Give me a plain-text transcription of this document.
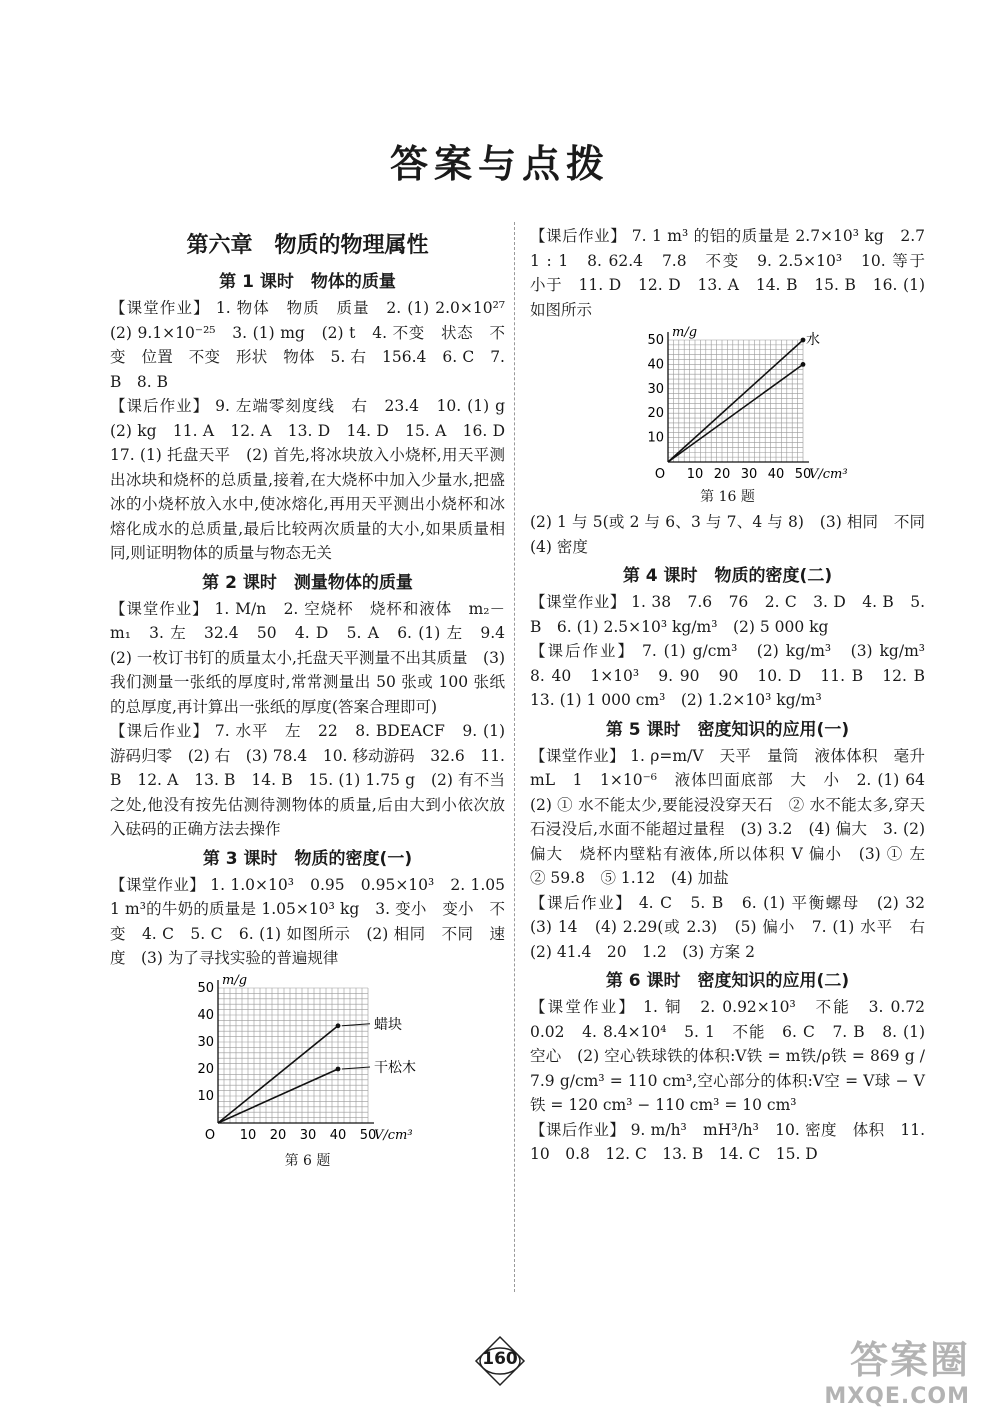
答案与点拨
第六章　物质的物理属性
第 1 课时　物体的质量

【课堂作业】 1. 物体　物质　质量　2. (1) 2.0×10²⁷　(2) 9.1×10⁻²⁵　3. (1) mg　(2) t　4. 不变　状态　不变　位置　不变　形状　物体　5. 右　156.4　6. C　7. B　8. B

【课后作业】 9. 左端零刻度线　右　23.4　10. (1) g　(2) kg　11. A　12. A　13. D　14. D　15. A　16. D　17. (1) 托盘天平　(2) 首先,将冰块放入小烧杯,用天平测出冰块和烧杯的总质量,接着,在大烧杯中加入少量水,把盛冰的小烧杯放入水中,使冰熔化,再用天平测出小烧杯和冰熔化成水的总质量,最后比较两次质量的大小,如果质量相同,则证明物体的质量与物态无关

第 2 课时　测量物体的质量

【课堂作业】 1. M/n　2. 空烧杯　烧杯和液体　m₂－m₁　3. 左　32.4　50　4. D　5. A　6. (1) 左　9.4　(2) 一枚订书钉的质量太小,托盘天平测量不出其质量　(3) 我们测量一张纸的厚度时,常常测量出 50 张或 100 张纸的总厚度,再计算出一张纸的厚度(答案合理即可)

【课后作业】 7. 水平　左　22　8. BDEACF　9. (1) 游码归零　(2) 右　(3) 78.4　10. 移动游码　32.6　11. B　12. A　13. B　14. B　15. (1) 1.75 g　(2) 有不当之处,他没有按先估测待测物体的质量,后由大到小依次放入砝码的正确方法去操作

第 3 课时　物质的密度(一)

【课堂作业】 1. 1.0×10³　0.95　0.95×10³　2. 1.05　1 m³的牛奶的质量是 1.05×10³ kg　3. 变小　变小　不变　4. C　5. C　6. (1) 如图所示　(2) 相同　不同　速度　(3) 为了寻找实验的普遍规律

O 10 20 30 40 50
10
20
30
40
50
V/cm³
m/g
蜡块
干松木
第 6 题

【课后作业】 7. 1 m³ 的铝的质量是 2.7×10³ kg　2.7　1 : 1　8. 62.4　7.8　不变　9. 2.5×10³　10. 等于　小于　11. D　12. D　13. A　14. B　15. B　16. (1) 如图所示

O 10 20 30 40 50
10
20
30
40
50
V/cm³
m/g	水
第 16 题

(2) 1 与 5(或 2 与 6、3 与 7、4 与 8)　(3) 相同　不同　(4) 密度

第 4 课时　物质的密度(二)

【课堂作业】 1. 38　7.6　76　2. C　3. D　4. B　5. B　6. (1) 2.5×10³ kg/m³　(2) 5 000 kg

【课后作业】 7. (1) g/cm³　(2) kg/m³　(3) kg/m³　8. 40　1×10³　9. 90　90　10. D　11. B　12. B　13. (1) 1 000 cm³　(2) 1.2×10³ kg/m³

第 5 课时　密度知识的应用(一)

【课堂作业】 1. ρ=m/V　天平　量筒　液体体积　毫升　mL　1　1×10⁻⁶　液体凹面底部　大　小　2. (1) 64　(2) ① 水不能太少,要能浸没穿天石　② 水不能太多,穿天石浸没后,水面不能超过量程　(3) 3.2　(4) 偏大　3. (2) 偏大　烧杯内壁粘有液体,所以体积 V 偏小　(3) ① 左　② 59.8　⑤ 1.12　(4) 加盐

【课后作业】 4. C　5. B　6. (1) 平衡螺母　(2) 32　(3) 14　(4) 2.29(或 2.3)　(5) 偏小　7. (1) 水平　右　(2) 41.4　20　1.2　(3) 方案 2

第 6 课时　密度知识的应用(二)

【课堂作业】 1. 铜　2. 0.92×10³　不能　3. 0.72　0.02　4. 8.4×10⁴　5. 1　不能　6. C　7. B　8. (1) 空心　(2) 空心铁球铁的体积:V铁 = m铁/ρ铁 = 869 g / 7.9 g/cm³ = 110 cm³,空心部分的体积:V空 = V球 − V铁 = 120 cm³ − 110 cm³ = 10 cm³

【课后作业】 9. m/h³　mH³/h³　10. 密度　体积　11. 10　0.8　12. C　13. B　14. C　15. D

160	答案圈
MXQE.COM
